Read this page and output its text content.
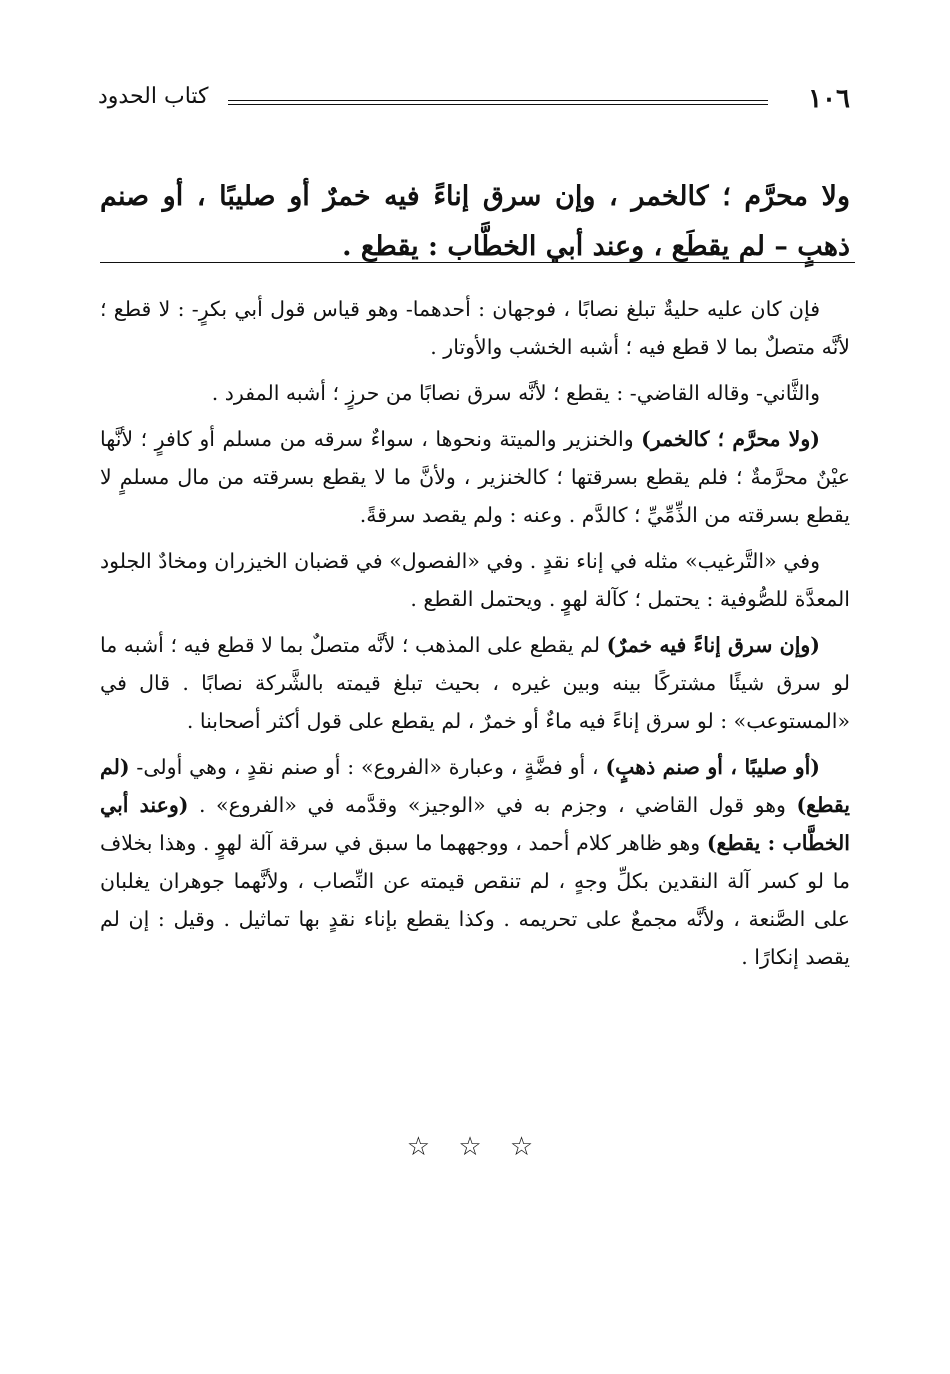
١٠٦
كتاب الحدود
ولا محرَّم ؛ كالخمر ، وإن سرق إناءً فيه خمرٌ أو صليبًا ، أو صنم ذهبٍ – لم يقطَع ، وعند أبي الخطَّاب : يقطع .

فإن كان عليه حليةٌ تبلغ نصابًا ، فوجهان : أحدهما- وهو قياس قول أبي بكرٍ- : لا قطع ؛ لأنَّه متصلٌ بما لا قطع فيه ؛ أشبه الخشب والأوتار .

والثَّاني- وقاله القاضي- : يقطع ؛ لأنَّه سرق نصابًا من حرزٍ ؛ أشبه المفرد .

(ولا محرَّم ؛ كالخمر) والخنزير والميتة ونحوها ، سواءٌ سرقه من مسلم أو كافرٍ ؛ لأنَّها عيْنٌ محرَّمةٌ ؛ فلم يقطع بسرقتها ؛ كالخنزير ، ولأنَّ ما لا يقطع بسرقته من مال مسلمٍ لا يقطع بسرقته من الذِّمِّيِّ ؛ كالدَّم . وعنه : ولم يقصد سرقةً.

وفي «التَّرغيب» مثله في إناء نقدٍ . وفي «الفصول» في قضبان الخيزران ومخادٌ الجلود المعدَّة للصُّوفية : يحتمل ؛ كآلة لهوٍ . ويحتمل القطع .

(وإن سرق إناءً فيه خمرٌ) لم يقطع على المذهب ؛ لأنَّه متصلٌ بما لا قطع فيه ؛ أشبه ما لو سرق شيئًا مشتركًا بينه وبين غيره ، بحيث تبلغ قيمته بالشَّركة نصابًا . قال في «المستوعب» : لو سرق إناءً فيه ماءٌ أو خمرٌ ، لم يقطع على قول أكثر أصحابنا .

(أو صليبًا ، أو صنم ذهبٍ) ، أو فضَّةٍ ، وعبارة «الفروع» : أو صنم نقدٍ ، وهي أولى- (لم يقطع) وهو قول القاضي ، وجزم به في «الوجيز» وقدَّمه في «الفروع» . (وعند أبي الخطَّاب : يقطع) وهو ظاهر كلام أحمد ، ووجههما ما سبق في سرقة آلة لهوٍ . وهذا بخلاف ما لو كسر آلة النقدين بكلِّ وجهٍ ، لم تنقص قيمته عن النِّصاب ، ولأنَّهما جوهران يغلبان على الصَّنعة ، ولأنَّه مجمعٌ على تحريمه . وكذا يقطع بإناء نقدٍ بها تماثيل . وقيل : إن لم يقصد إنكارًا .

☆ ☆ ☆
